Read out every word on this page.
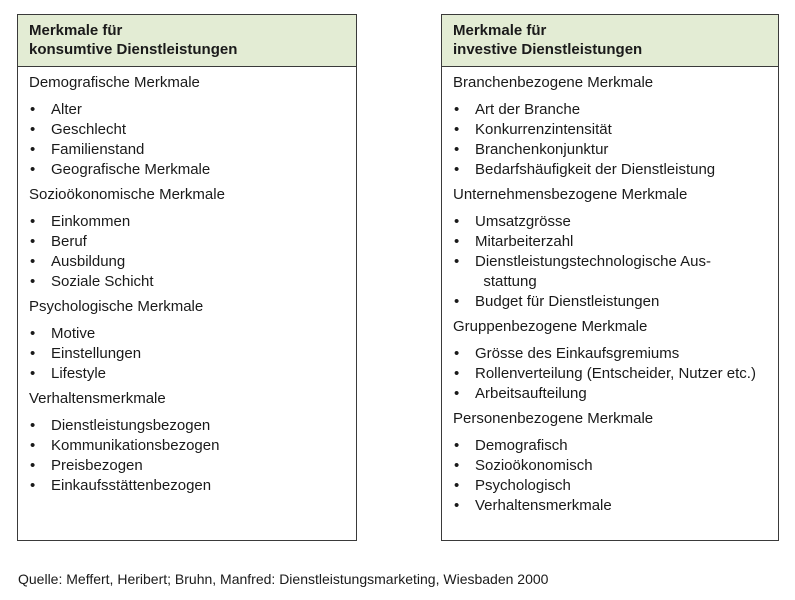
Merkmale für
konsumtive Dienstleistungen
Demografische Merkmale
• Alter
• Geschlecht
• Familienstand
• Geografische Merkmale
Sozioökonomische Merkmale
• Einkommen
• Beruf
• Ausbildung
• Soziale Schicht
Psychologische Merkmale
• Motive
• Einstellungen
• Lifestyle
Verhaltensmerkmale
• Dienstleistungsbezogen
• Kommunikationsbezogen
• Preisbezogen
• Einkaufsstättenbezogen
Merkmale für
investive Dienstleistungen
Branchenbezogene Merkmale
• Art der Branche
• Konkurrenzintensität
• Branchenkonjunktur
• Bedarfshäufigkeit der Dienstleistung
Unternehmensbezogene Merkmale
• Umsatzgrösse
• Mitarbeiterzahl
• Dienstleistungstechnologische Aus-  stattung
• Budget für Dienstleistungen
Gruppenbezogene Merkmale
• Grösse des Einkaufsgremiums
• Rollenverteilung (Entscheider, Nutzer etc.)
• Arbeitsaufteilung
Personenbezogene Merkmale
• Demografisch
• Sozioökonomisch
• Psychologisch
• Verhaltensmerkmale
Quelle: Meffert, Heribert; Bruhn, Manfred: Dienstleistungsmarketing, Wiesbaden 2000
